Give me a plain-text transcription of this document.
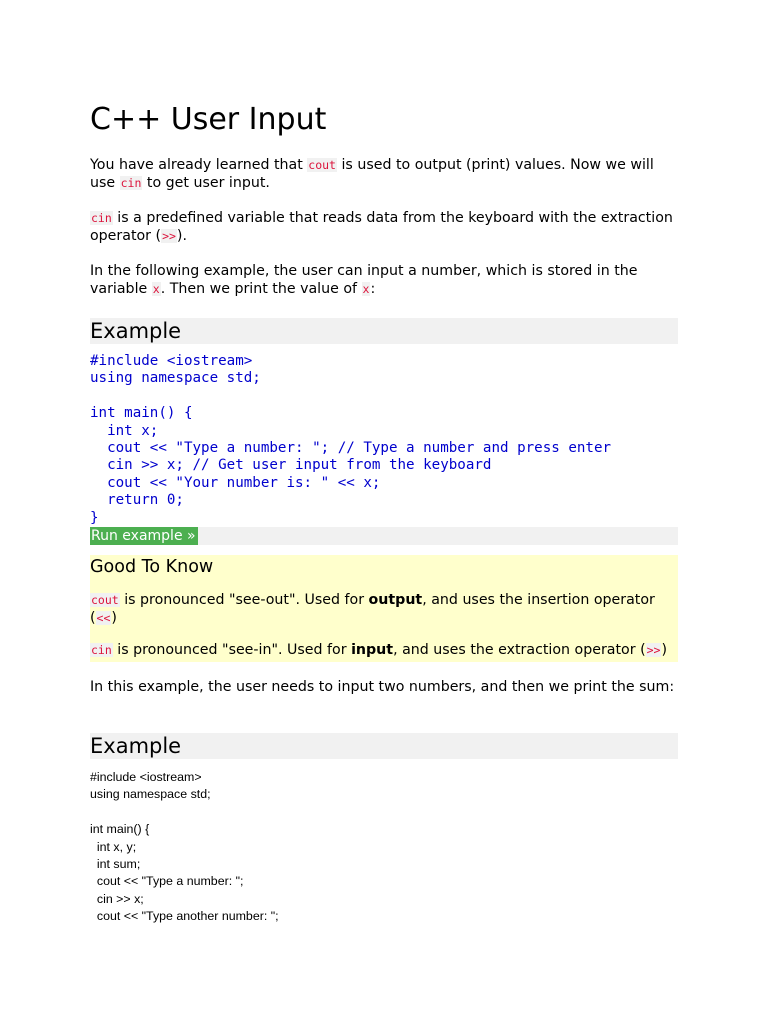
C++ User Input

You have already learned that cout is used to output (print) values. Now we will use cin to get user input.

cin is a predefined variable that reads data from the keyboard with the extraction operator (>>).

In the following example, the user can input a number, which is stored in the variable x. Then we print the value of x:

Example
#include <iostream>
using namespace std;

int main() {
int x;
cout << "Type a number: "; // Type a number and press enter
cin >> x; // Get user input from the keyboard
cout << "Your number is: " << x;
return 0;
}
Run example »
Good To Know

cout is pronounced "see-out". Used for output, and uses the insertion operator (<<)

cin is pronounced "see-in". Used for input, and uses the extraction operator (>>)

In this example, the user needs to input two numbers, and then we print the sum:

Example
#include <iostream>
using namespace std;

int main() {
int x, y;
int sum;
cout << "Type a number: ";
cin >> x;
cout << "Type another number: ";
